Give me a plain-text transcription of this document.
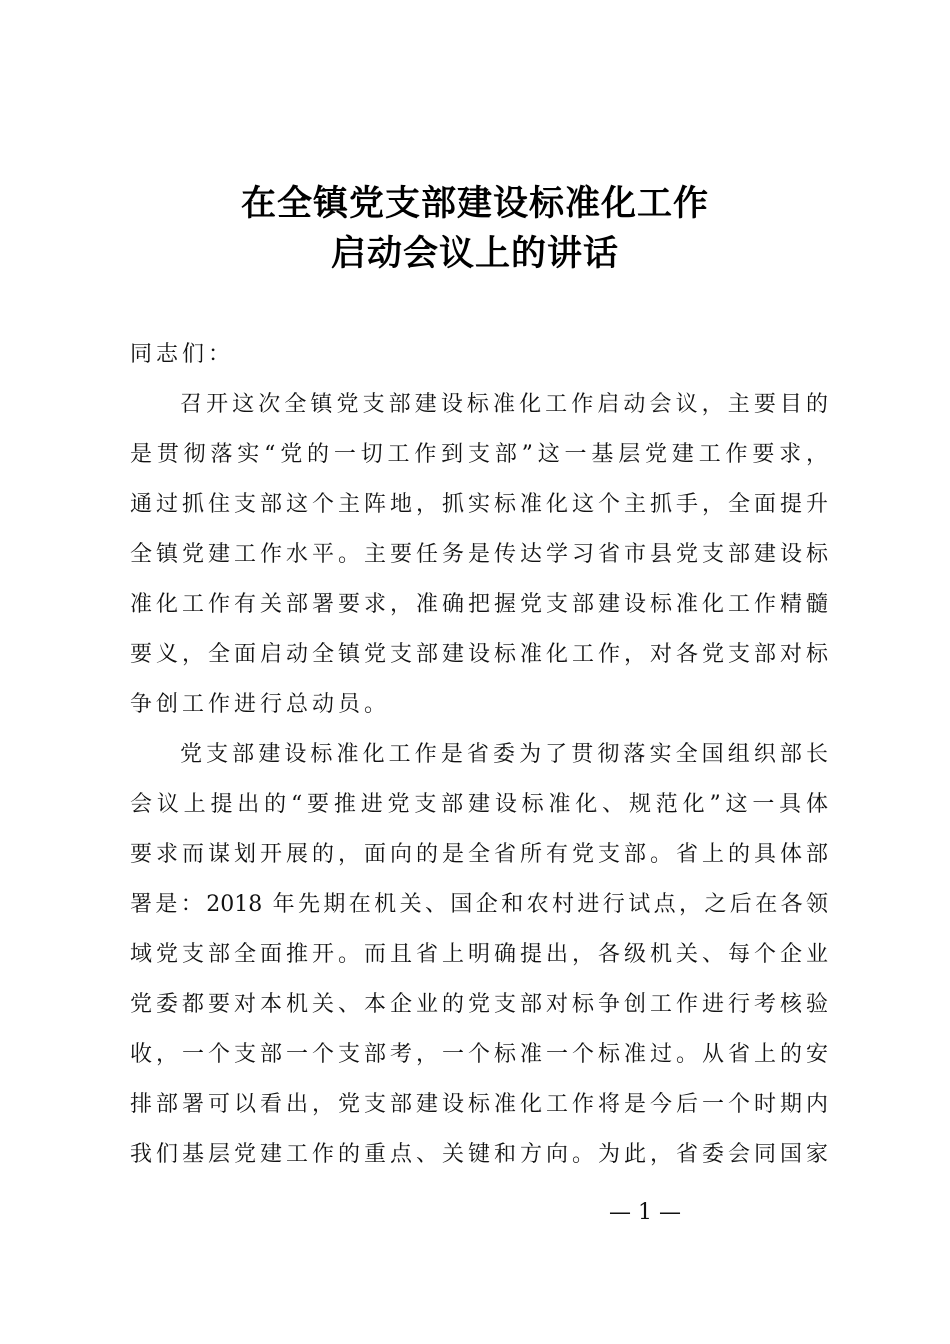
在全镇党支部建设标准化工作
启动会议上的讲话
同志们：
召开这次全镇党支部建设标准化工作启动会议，主要目的
是贯彻落实“党的一切工作到支部”这一基层党建工作要求，
通过抓住支部这个主阵地，抓实标准化这个主抓手，全面提升
全镇党建工作水平。主要任务是传达学习省市县党支部建设标
准化工作有关部署要求，准确把握党支部建设标准化工作精髓
要义，全面启动全镇党支部建设标准化工作，对各党支部对标
争创工作进行总动员。
党支部建设标准化工作是省委为了贯彻落实全国组织部长
会议上提出的“要推进党支部建设标准化、规范化”这一具体
要求而谋划开展的，面向的是全省所有党支部。省上的具体部
署是：2018 年先期在机关、国企和农村进行试点，之后在各领
域党支部全面推开。而且省上明确提出，各级机关、每个企业
党委都要对本机关、本企业的党支部对标争创工作进行考核验
收，一个支部一个支部考，一个标准一个标准过。从省上的安
排部署可以看出，党支部建设标准化工作将是今后一个时期内
我们基层党建工作的重点、关键和方向。为此，省委会同国家
— 1 —
